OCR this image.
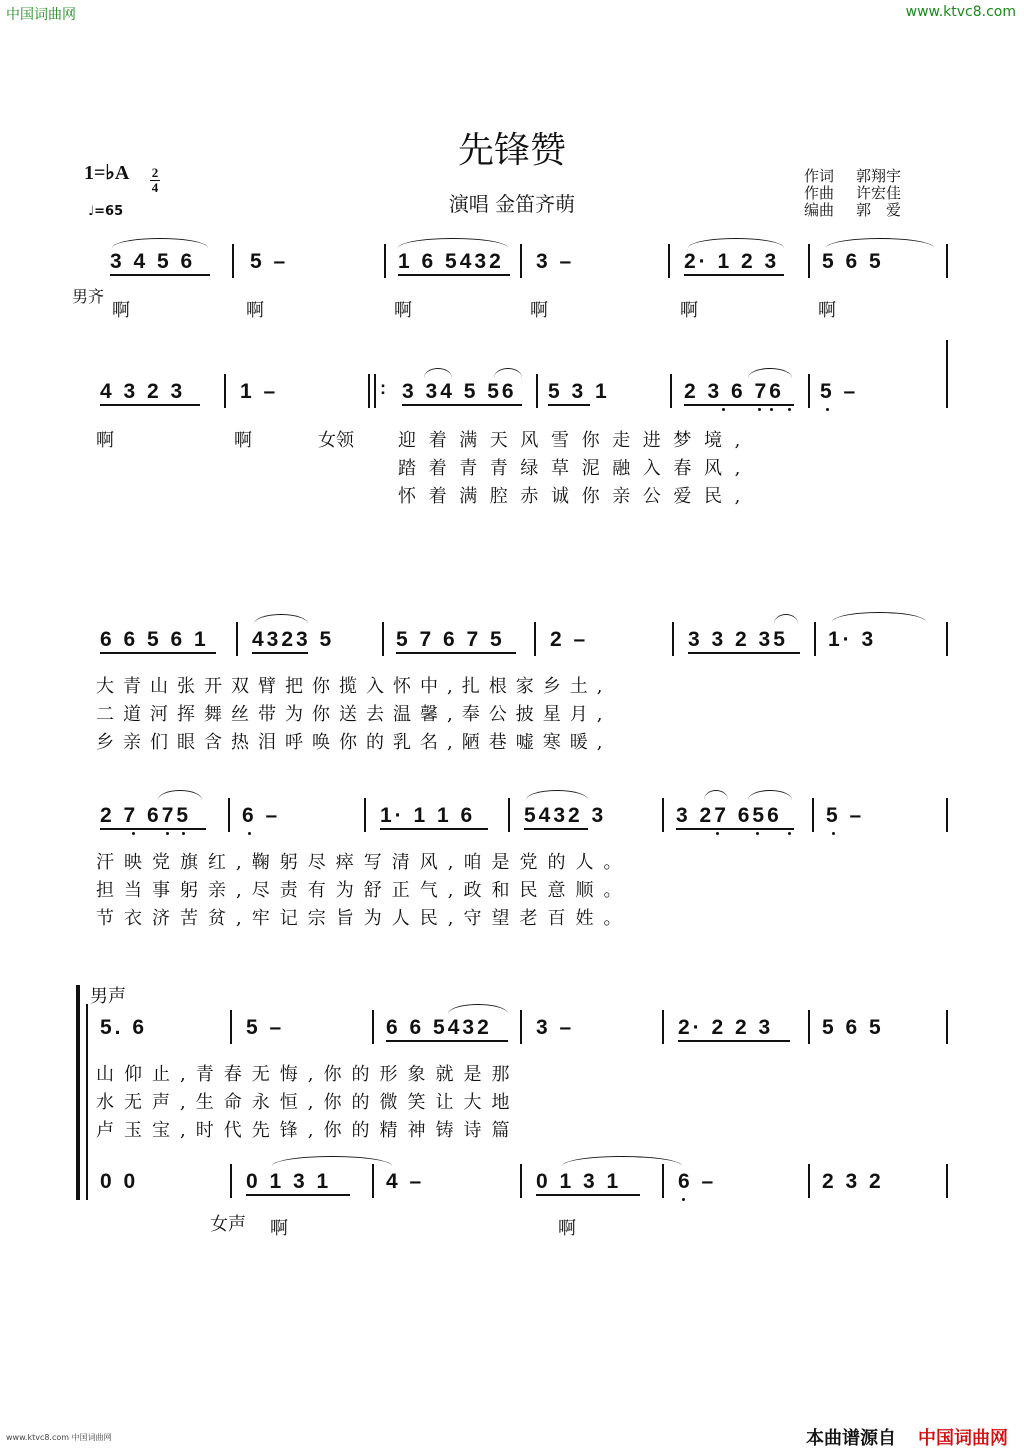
中国词曲网	www.ktvc8.com
先锋赞
演唱 金笛齐萌
1=♭A 2
4
♩=65
作词 郭翔宇
作曲 许宏佳
编曲 郭　爱
男齐
3 4 5 6	5 –	1 6 5432 3 –	2· 1 2 3 5 6 5
啊	啊	啊	啊	啊	啊
4 3 2 3	1 –	: 3 34 5 56 5 3 1	2 3 6 76 5 –
啊	啊	女领 迎着满天风雪你走进梦境,
踏着青青绿草泥融入春风,
怀着满腔赤诚你亲公爱民,
6 6 5 6 1 4323 5	5 7 6 7 5 2 –	3 3 2 35 1· 3
大青山张开双臂把你揽入怀中,扎根家乡土,
二道河挥舞丝带为你送去温馨,奉公披星月,
乡亲们眼含热泪呼唤你的乳名,陋巷嘘寒暖,
2 7 675 6 –	1· 1 1 6 5432 3	3 27 656 5 –
汗映党旗红,鞠躬尽瘁写清风,咱是党的人。
担当事躬亲,尽责有为舒正气,政和民意顺。
节衣济苦贫,牢记宗旨为人民,守望老百姓。
男声
5. 6	5 –	6 6 5432 3 –	2· 2 2 3 5 6 5
山仰止,青春无悔,你的形象就是那
水无声,生命永恒,你的微笑让大地
卢玉宝,时代先锋,你的精神铸诗篇
0 0	0 1 3 1	4 –	0 1 3 1	6 –	2 3 2
女声 啊	啊
www.ktvc8.com 中国词曲网	本曲谱源自 中国词曲网
